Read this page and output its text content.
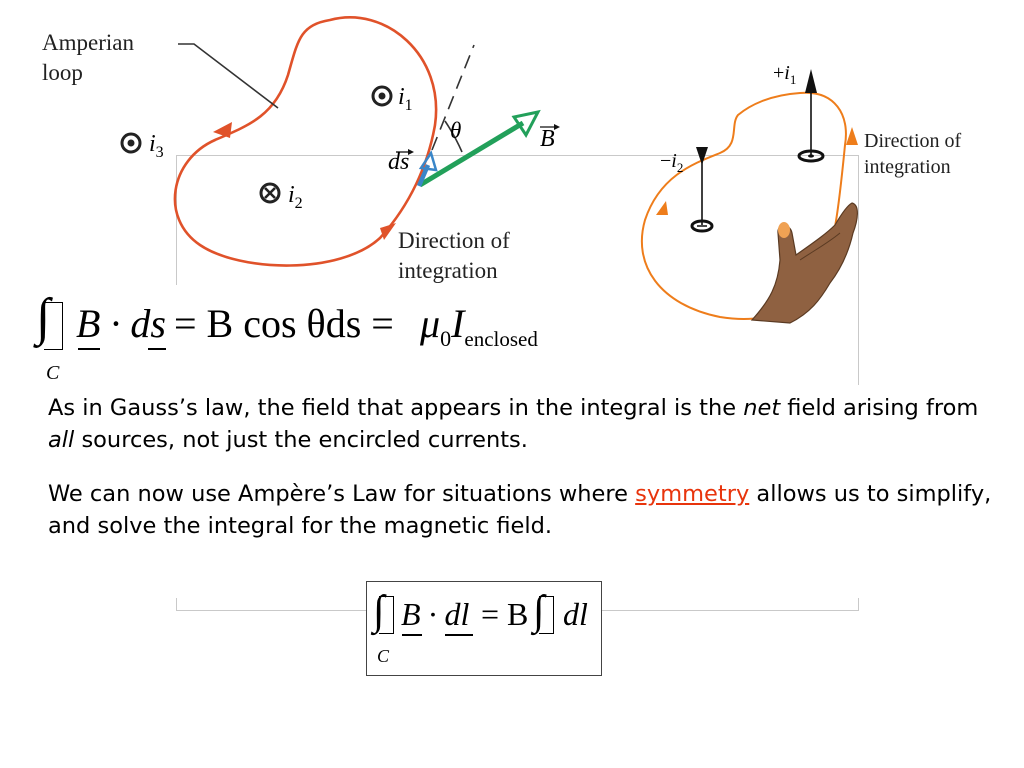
Amperian
loop
$i_1$
$i_2$
$i_3$
θ
ds
B
Direction of
integration
$+i_1$
$-i_2$
Direction of
integration
∫ B · ds = B $\cos \theta ds = \mu_0I_{enclosed}$
C
As in Gauss’s law, the field that appears in the integral is the net field arising from all sources, not just the encircled currents.
We can now use Ampère’s Law for situations where symmetry allows us to simplify, and solve the integral for the magnetic field.
∫ B · dl = B ∫ dl
C
